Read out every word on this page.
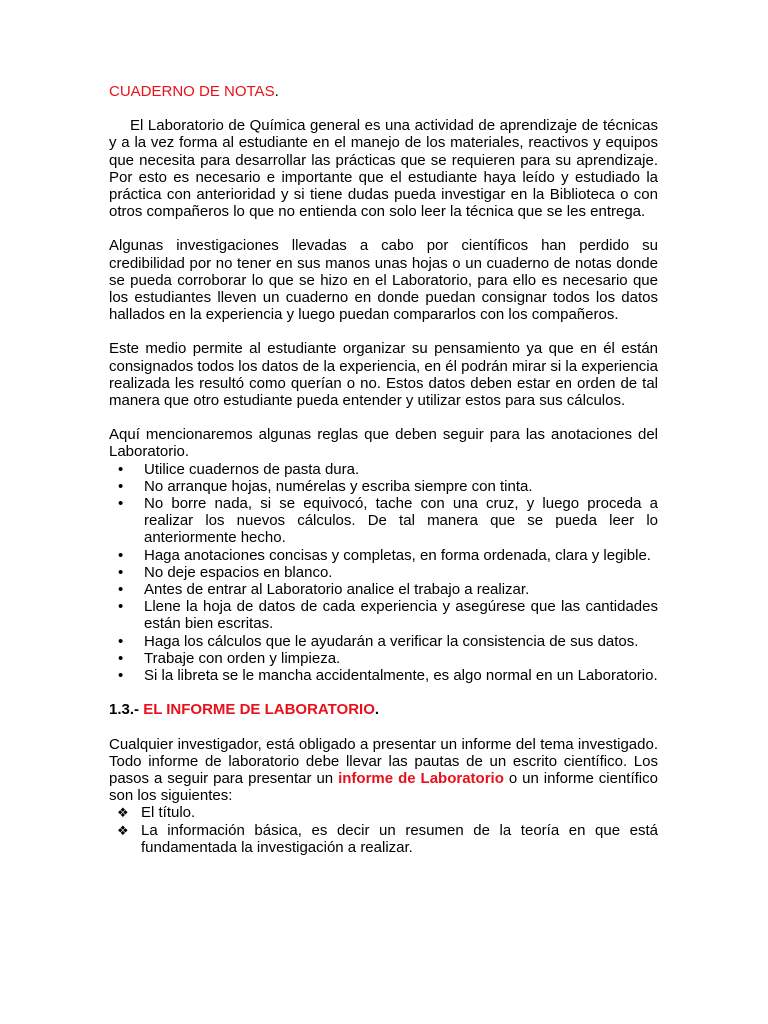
CUADERNO DE NOTAS.

El Laboratorio de Química general es una actividad de aprendizaje de técnicas y a la vez forma al estudiante en el manejo de los materiales, reactivos y equipos que necesita para desarrollar las prácticas que se requieren para su aprendizaje. Por esto es necesario e importante que el estudiante haya leído y estudiado la práctica con anterioridad y si tiene dudas pueda investigar en la Biblioteca o con otros compañeros lo que no entienda con solo leer la técnica que se les entrega.

Algunas investigaciones llevadas a cabo por científicos han perdido su credibilidad por no tener en sus manos unas hojas o un cuaderno de notas donde se pueda corroborar lo que se hizo en el Laboratorio, para ello es necesario que los estudiantes lleven un cuaderno en donde puedan consignar todos los datos hallados en la experiencia y luego puedan compararlos con los compañeros.

Este medio permite al estudiante organizar su pensamiento ya que en él están consignados todos los datos de la experiencia, en él podrán mirar si la experiencia realizada les resultó como querían o no. Estos datos deben estar en orden de tal manera que otro estudiante pueda entender y utilizar estos para sus cálculos.

Aquí mencionaremos algunas reglas que deben seguir para las anotaciones del Laboratorio.

• Utilice cuadernos de pasta dura.
• No arranque hojas, numérelas y escriba siempre con tinta.
• No borre nada, si se equivocó, tache con una cruz, y luego proceda a realizar los nuevos cálculos. De tal manera que se pueda leer lo anteriormente hecho.
• Haga anotaciones concisas y completas, en forma ordenada, clara y legible.
• No deje espacios en blanco.
• Antes de entrar al Laboratorio analice el trabajo a realizar.
• Llene la hoja de datos de cada experiencia y asegúrese que las cantidades están bien escritas.
• Haga los cálculos que le ayudarán a verificar la consistencia de sus datos.
• Trabaje con orden y limpieza.
• Si la libreta se le mancha accidentalmente, es algo normal en un Laboratorio.

1.3.- EL INFORME DE LABORATORIO.

Cualquier investigador, está obligado a presentar un informe del tema investigado. Todo informe de laboratorio debe llevar las pautas de un escrito científico. Los pasos a seguir para presentar un informe de Laboratorio o un informe científico son los siguientes:

❖ El título.
❖ La información básica, es decir un resumen de la teoría en que está fundamentada la investigación a realizar.
